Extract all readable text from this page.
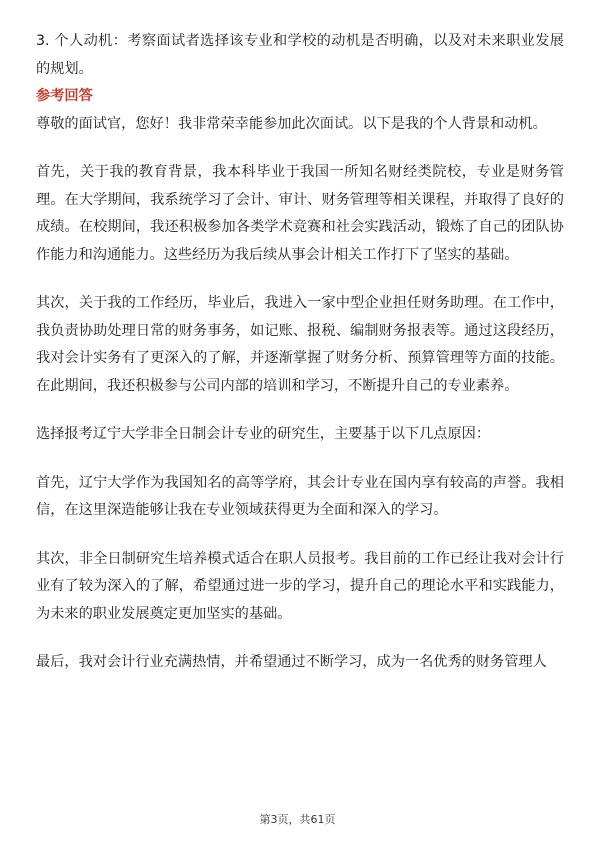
3. 个人动机：考察面试者选择该专业和学校的动机是否明确，以及对未来职业发展的规划。

参考回答

尊敬的面试官，您好！我非常荣幸能参加此次面试。以下是我的个人背景和动机。

首先，关于我的教育背景，我本科毕业于我国一所知名财经类院校，专业是财务管理。在大学期间，我系统学习了会计、审计、财务管理等相关课程，并取得了良好的成绩。在校期间，我还积极参加各类学术竞赛和社会实践活动，锻炼了自己的团队协作能力和沟通能力。这些经历为我后续从事会计相关工作打下了坚实的基础。

其次，关于我的工作经历，毕业后，我进入一家中型企业担任财务助理。在工作中，我负责协助处理日常的财务事务，如记账、报税、编制财务报表等。通过这段经历，我对会计实务有了更深入的了解，并逐渐掌握了财务分析、预算管理等方面的技能。在此期间，我还积极参与公司内部的培训和学习，不断提升自己的专业素养。

选择报考辽宁大学非全日制会计专业的研究生，主要基于以下几点原因：

首先，辽宁大学作为我国知名的高等学府，其会计专业在国内享有较高的声誉。我相信，在这里深造能够让我在专业领域获得更为全面和深入的学习。

其次，非全日制研究生培养模式适合在职人员报考。我目前的工作已经让我对会计行业有了较为深入的了解，希望通过进一步的学习，提升自己的理论水平和实践能力，为未来的职业发展奠定更加坚实的基础。

最后，我对会计行业充满热情，并希望通过不断学习，成为一名优秀的财务管理人

第3页，共61页
